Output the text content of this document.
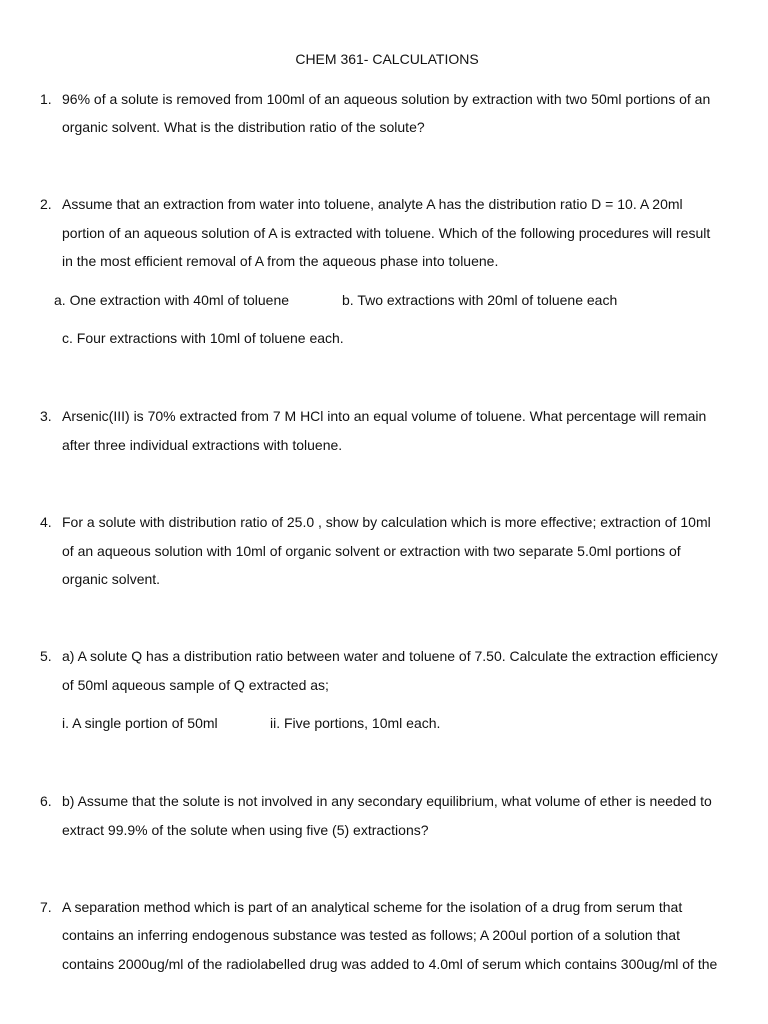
CHEM 361- CALCULATIONS
1. 96% of a solute is removed from 100ml of an aqueous solution by extraction with two 50ml portions of an
organic solvent. What is the distribution ratio of the solute?
2. Assume that an extraction from water into toluene, analyte A has the distribution ratio D = 10. A 20ml
portion of an aqueous solution of A is extracted with toluene. Which of the following procedures will result
in the most efficient removal of A from the aqueous phase into toluene.
a. One extraction with 40ml of toluene	b. Two extractions with 20ml of toluene each
c. Four extractions with 10ml of toluene each.
3. Arsenic(III) is 70% extracted from 7 M HCl into an equal volume of toluene. What percentage will remain
after three individual extractions with toluene.
4. For a solute with distribution ratio of 25.0 , show by calculation which is more effective; extraction of 10ml
of an aqueous solution with 10ml of organic solvent or extraction with two separate 5.0ml portions of
organic solvent.
5. a) A solute Q has a distribution ratio between water and toluene of 7.50. Calculate the extraction efficiency
of 50ml aqueous sample of Q extracted as;
i. A single portion of 50ml	ii. Five portions, 10ml each.
6. b) Assume that the solute is not involved in any secondary equilibrium, what volume of ether is needed to
extract 99.9% of the solute when using five (5) extractions?
7. A separation method which is part of an analytical scheme for the isolation of a drug from serum that
contains an inferring endogenous substance was tested as follows; A 200ul portion of a solution that
contains 2000ug/ml of the radiolabelled drug was added to 4.0ml of serum which contains 300ug/ml of the
